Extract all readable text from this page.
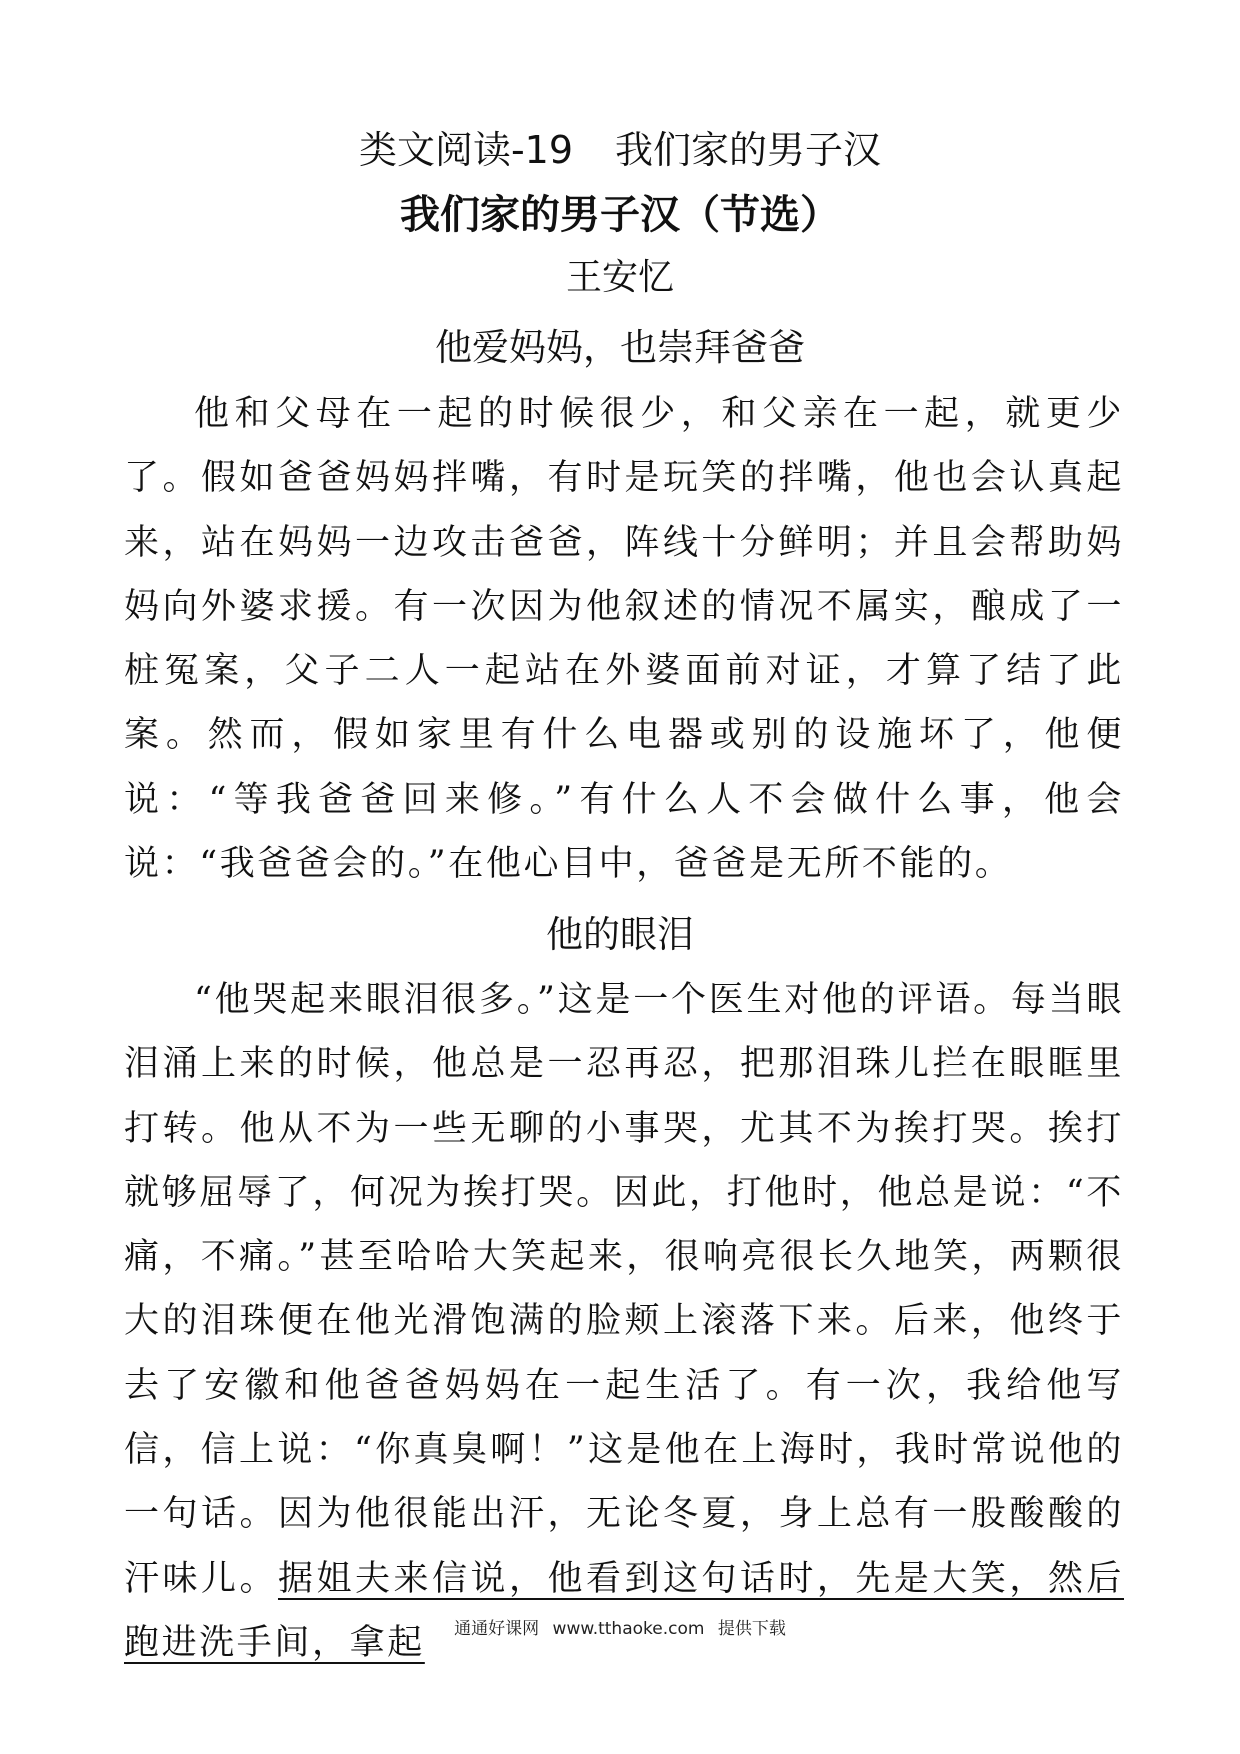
类文阅读-19 我们家的男子汉
我们家的男子汉（节选）
王安忆
他爱妈妈，也崇拜爸爸

他和父母在一起的时候很少，和父亲在一起，就更少了。假如爸爸妈妈拌嘴，有时是玩笑的拌嘴，他也会认真起来，站在妈妈一边攻击爸爸，阵线十分鲜明；并且会帮助妈妈向外婆求援。有一次因为他叙述的情况不属实，酿成了一桩冤案，父子二人一起站在外婆面前对证，才算了结了此案。然而，假如家里有什么电器或别的设施坏了，他便说：“等我爸爸回来修。”有什么人不会做什么事，他会说：“我爸爸会的。”在他心目中，爸爸是无所不能的。

他的眼泪

“他哭起来眼泪很多。”这是一个医生对他的评语。每当眼泪涌上来的时候，他总是一忍再忍，把那泪珠儿拦在眼眶里打转。他从不为一些无聊的小事哭，尤其不为挨打哭。挨打就够屈辱了，何况为挨打哭。因此，打他时，他总是说：“不痛，不痛。”甚至哈哈大笑起来，很响亮很长久地笑，两颗很大的泪珠便在他光滑饱满的脸颊上滚落下来。后来，他终于去了安徽和他爸爸妈妈在一起生活了。有一次，我给他写信，信上说：“你真臭啊！”这是他在上海时，我时常说他的一句话。因为他很能出汗，无论冬夏，身上总有一股酸酸的汗味儿。据姐夫来信说，他看到这句话时，先是大笑，然后跑进洗手间，拿起	通通好课网 www.tthaoke.com 提供下载
